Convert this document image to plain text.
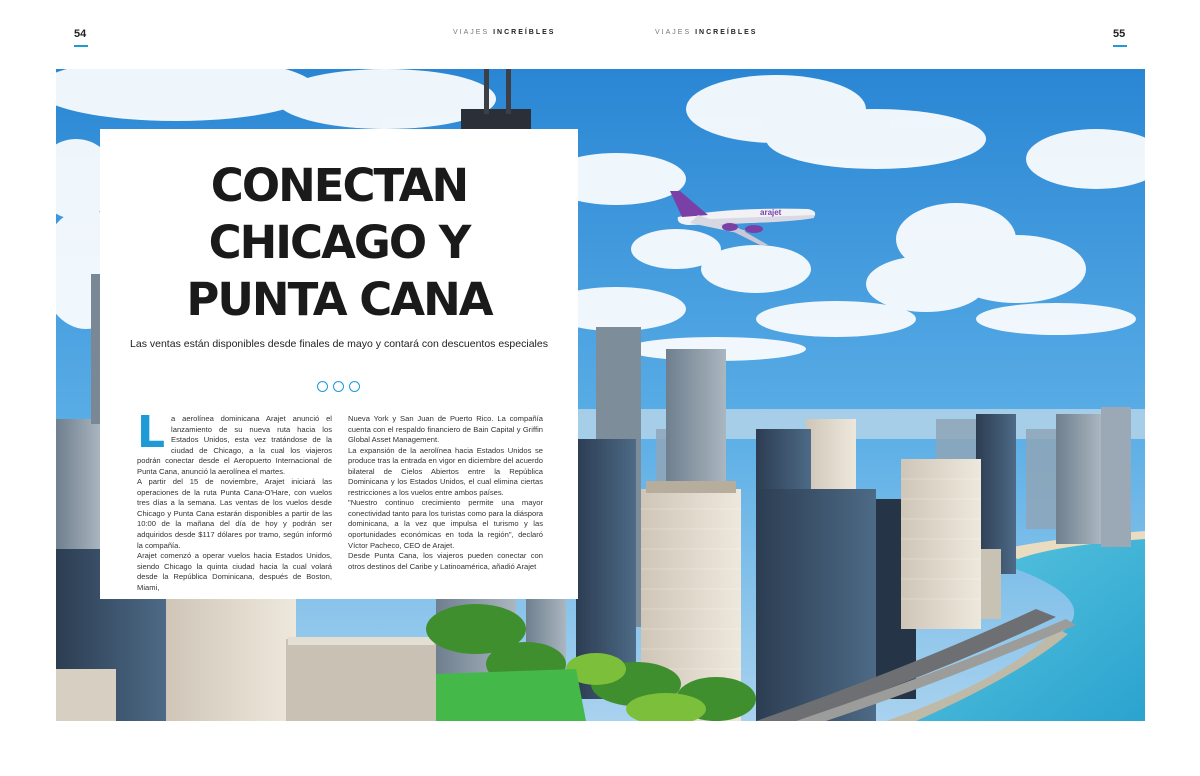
54	VIAJES INCREÍBLES	VIAJES INCREÍBLES	55
arajet
CONECTAN
CHICAGO Y
PUNTA CANA
Las ventas están disponibles desde finales de mayo y contará con descuentos especiales
L a aerolínea dominicana Arajet anunció el lanzamiento de su nueva ruta hacia los Estados Unidos, esta vez tratándose de la ciudad de Chicago, a la cual los viajeros podrán conectar desde el Aeropuerto Internacional de Punta Cana, anunció la aerolínea el martes.

A partir del 15 de noviembre, Arajet iniciará las operaciones de la ruta Punta Cana-O'Hare, con vuelos tres días a la semana. Las ventas de los vuelos desde Chicago y Punta Cana estarán disponibles a partir de las 10:00 de la mañana del día de hoy y podrán ser adquiridos desde $117 dólares por tramo, según informó la compañía.

Arajet comenzó a operar vuelos hacia Estados Unidos, siendo Chicago la quinta ciudad hacia la cual volará desde la República Dominicana, después de Boston, Miami,

Nueva York y San Juan de Puerto Rico. La compañía cuenta con el respaldo financiero de Bain Capital y Griffin Global Asset Management.

La expansión de la aerolínea hacia Estados Unidos se produce tras la entrada en vigor en diciembre del acuerdo bilateral de Cielos Abiertos entre la República Dominicana y los Estados Unidos, el cual elimina ciertas restricciones a los vuelos entre ambos países.

"Nuestro continuo crecimiento permite una mayor conectividad tanto para los turistas como para la diáspora dominicana, a la vez que impulsa el turismo y las oportunidades económicas en toda la región", declaró Víctor Pacheco, CEO de Arajet.

Desde Punta Cana, los viajeros pueden conectar con otros destinos del Caribe y Latinoamérica, añadió Arajet
